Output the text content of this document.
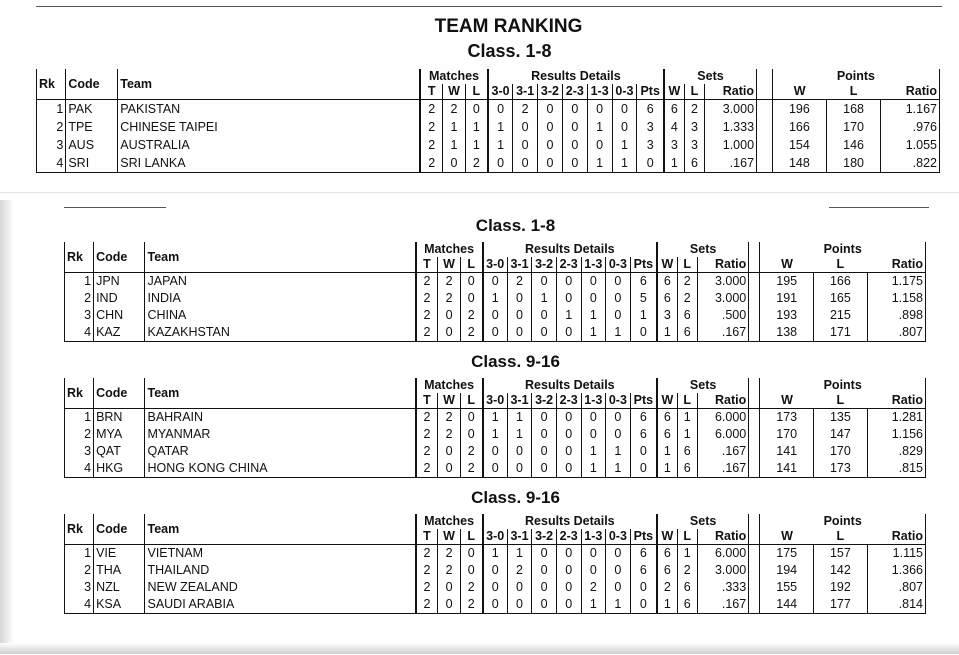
TEAM RANKING
Class. 1-8
Class. 1-8
Class. 9-16
Class. 9-16
Rk	Code	Team	Matches			Results Details							Sets				Points		
			T	W	L	3-0	3-1	3-2	2-3	1-3	0-3	Pts	W	L	Ratio		W	L	Ratio
1	PAK	PAKISTAN	2	2	0	0	2	0	0	0	0	6	6	2	3.000		196	168	1.167
2	TPE	CHINESE TAIPEI	2	1	1	1	0	0	0	1	0	3	4	3	1.333		166	170	.976
3	AUS	AUSTRALIA	2	1	1	1	0	0	0	0	1	3	3	3	1.000		154	146	1.055
4	SRI	SRI LANKA	2	0	2	0	0	0	0	1	1	0	1	6	.167		148	180	.822
Rk	Code	Team	Matches			Results Details							Sets				Points		
			T	W	L	3-0	3-1	3-2	2-3	1-3	0-3	Pts	W	L	Ratio		W	L	Ratio
1	JPN	JAPAN	2	2	0	0	2	0	0	0	0	6	6	2	3.000		195	166	1.175
2	IND	INDIA	2	2	0	1	0	1	0	0	0	5	6	2	3.000		191	165	1.158
3	CHN	CHINA	2	0	2	0	0	0	1	1	0	1	3	6	.500		193	215	.898
4	KAZ	KAZAKHSTAN	2	0	2	0	0	0	0	1	1	0	1	6	.167		138	171	.807
Rk	Code	Team	Matches			Results Details							Sets				Points		
			T	W	L	3-0	3-1	3-2	2-3	1-3	0-3	Pts	W	L	Ratio		W	L	Ratio
1	BRN	BAHRAIN	2	2	0	1	1	0	0	0	0	6	6	1	6.000		173	135	1.281
2	MYA	MYANMAR	2	2	0	1	1	0	0	0	0	6	6	1	6.000		170	147	1.156
3	QAT	QATAR	2	0	2	0	0	0	0	1	1	0	1	6	.167		141	170	.829
4	HKG	HONG KONG CHINA	2	0	2	0	0	0	0	1	1	0	1	6	.167		141	173	.815
Rk	Code	Team	Matches			Results Details							Sets				Points		
			T	W	L	3-0	3-1	3-2	2-3	1-3	0-3	Pts	W	L	Ratio		W	L	Ratio
1	VIE	VIETNAM	2	2	0	1	1	0	0	0	0	6	6	1	6.000		175	157	1.115
2	THA	THAILAND	2	2	0	0	2	0	0	0	0	6	6	2	3.000		194	142	1.366
3	NZL	NEW ZEALAND	2	0	2	0	0	0	0	2	0	0	2	6	.333		155	192	.807
4	KSA	SAUDI ARABIA	2	0	2	0	0	0	0	1	1	0	1	6	.167		144	177	.814
